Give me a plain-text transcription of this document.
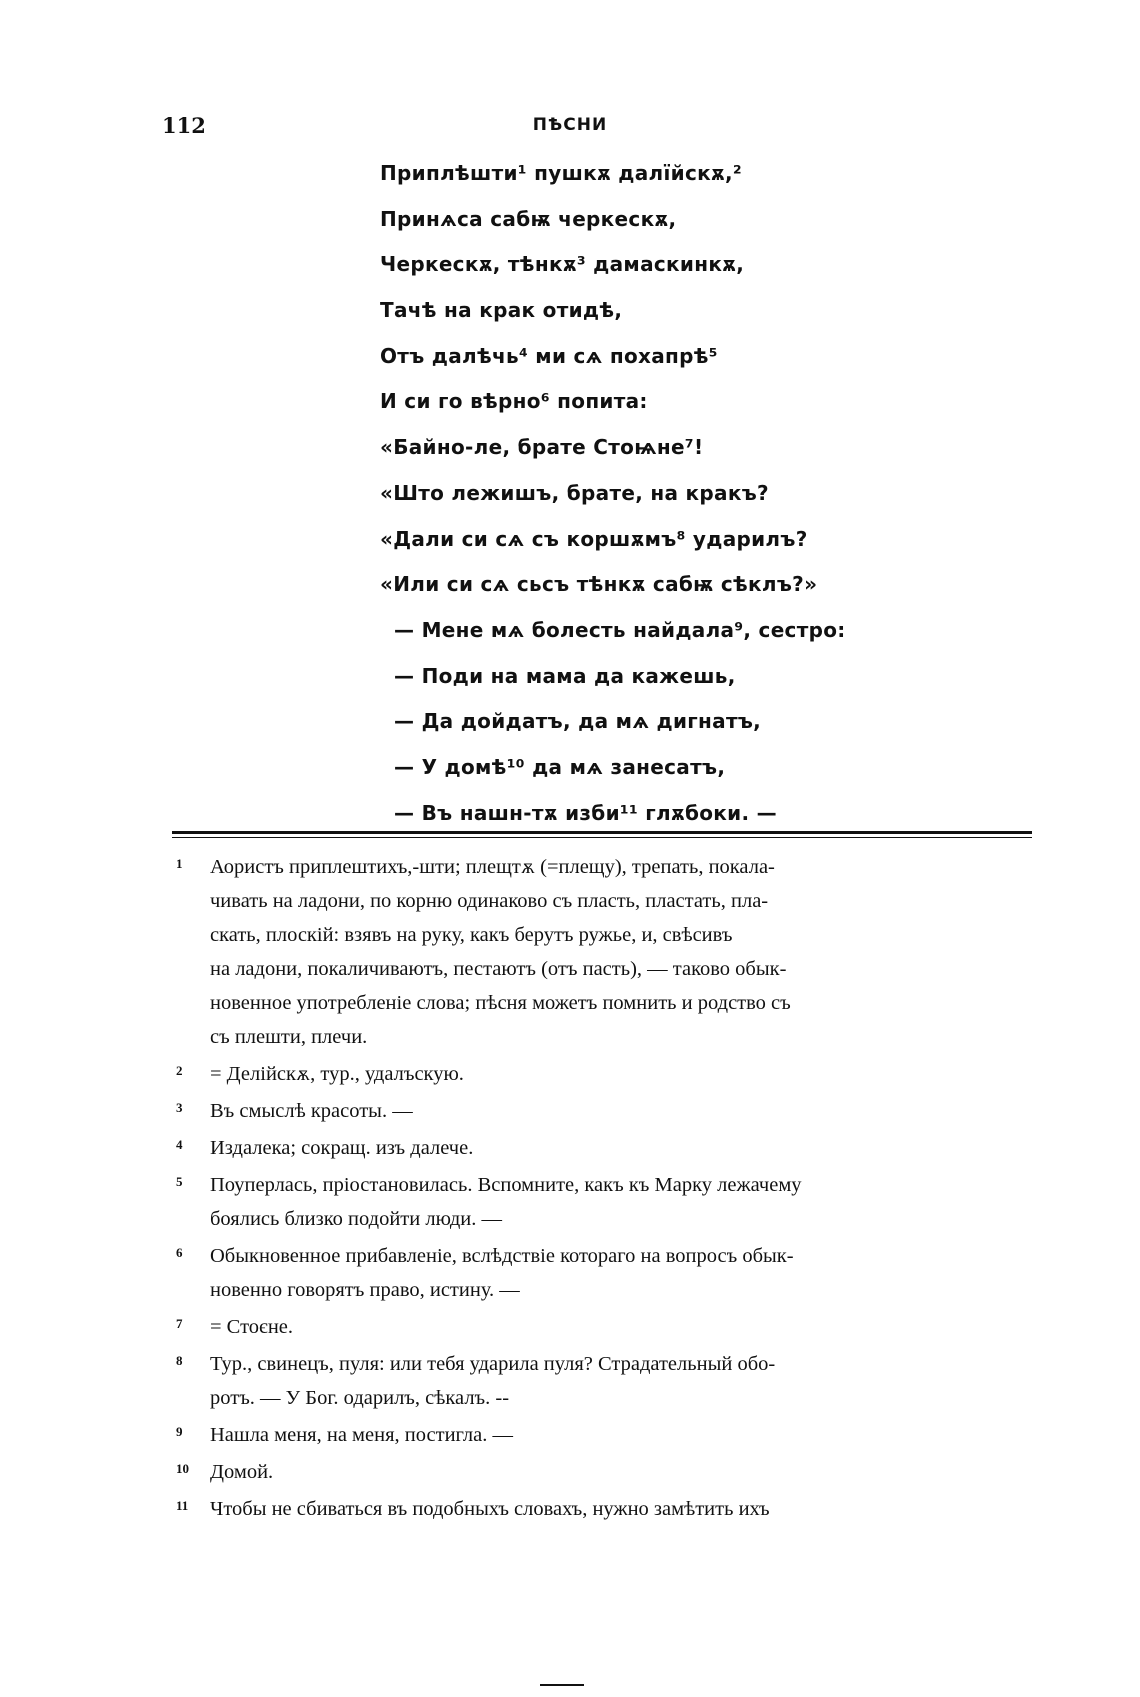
112	ПѢСНИ
Приплѣшти¹ пушкѫ далїйскѫ,²
Принѧса сабѭ черкескѫ,
Черкескѫ, тѣнкѫ³ дамаскинкѫ,
Тачѣ на крак отидѣ,
Отъ далѣчь⁴ ми сѧ похапрѣ⁵
И си го вѣрно⁶ попита:
«Байно-ле, брате Стоѩне⁷!
«Што лежишъ, брате, на кракъ?
«Дали си сѧ съ коршѫмъ⁸ ударилъ?
«Или си сѧ сьсъ тѣнкѫ сабѭ сѣклъ?»
— Мене мѧ болесть найдала⁹, сестро:
— Поди на мама да кажешь,
— Да дойдатъ, да мѧ дигнатъ,
— У домѣ¹⁰ да мѧ занесатъ,
— Въ нашн-тѫ изби¹¹ глѫбоки. —
1 Аористъ приплештихъ,-шти; плещтѫ (=плещу), трепать, покала-

чивать на ладони, по корню одинаково съ пласть, пластать, пла-

скать, плоскій: взявъ на руку, какъ берутъ ружье, и, свѣсивъ

на ладони, покаличиваютъ, пестаютъ (отъ пасть), — таково обык-

новенное употребленіе слова; пѣсня можетъ помнить и родство съ

съ плешти, плечи.

2 = Делійскѫ, тур., удалъскую.

3 Въ смыслѣ красоты. —

4 Издалека; сокращ. изъ далече.

5 Поуперлась, пріостановилась. Вспомните, какъ къ Марку лежачему

боялись близко подойти люди. —

6 Обыкновенное прибавленіе, вслѣдствіе котораго на вопросъ обык-

новенно говорятъ право, истину. —

7 = Стоєне.

8 Тур., свинецъ, пуля: или тебя ударила пуля? Страдательный обо-

ротъ. — У Бог. одарилъ, сѣкалъ. --

9 Нашла меня, на меня, постигла. —

10 Домой.

11 Чтобы не сбиваться въ подобныхъ словахъ, нужно замѣтить ихъ
